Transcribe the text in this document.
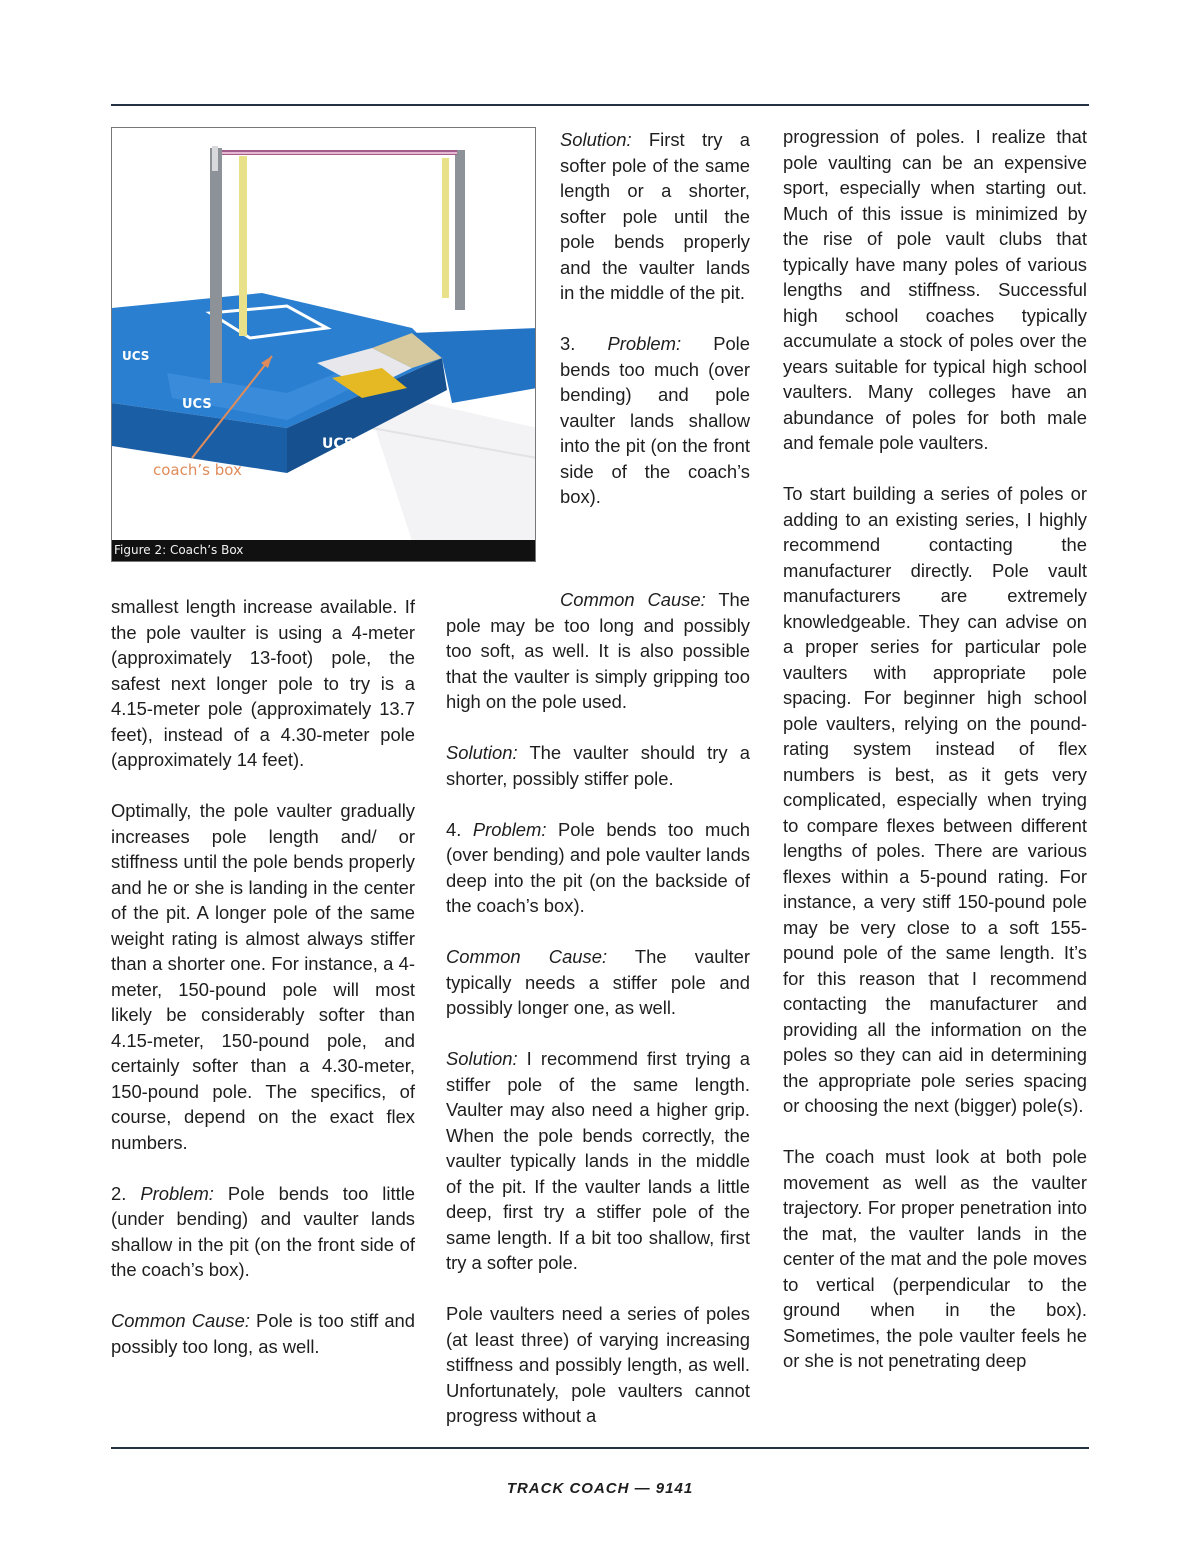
UCS
UCS
UCS ≡
coach’s box
Figure 2: Coach’s Box

smallest length increase available. If the pole vaulter is using a 4-meter (approximately 13-foot) pole, the safest next longer pole to try is a 4.15-meter pole (approximately 13.7 feet), instead of a 4.30-meter pole (approximately 14 feet).

Optimally, the pole vaulter gradually increases pole length and/ or stiffness until the pole bends properly and he or she is landing in the center of the pit. A longer pole of the same weight rating is almost always stiffer than a shorter one. For instance, a 4-meter, 150-pound pole will most likely be considerably softer than 4.15-meter, 150-pound pole, and certainly softer than a 4.30-meter, 150-pound pole. The specifics, of course, depend on the exact flex numbers.

2. Problem: Pole bends too little (under bending) and vaulter lands shallow in the pit (on the front side of the coach’s box).

Common Cause: Pole is too stiff and possibly too long, as well.

Solution: First try a softer pole of the same length or a shorter, softer pole until the pole bends properly and the vaulter lands in the middle of the pit.

3. Problem: Pole bends too much (over bending) and pole vaulter lands shallow into the pit (on the front side of the coach’s box).

Common Cause: The pole may be too long and possibly too soft, as well. It is also possible that the vaulter is simply gripping too high on the pole used.

Solution: The vaulter should try a shorter, possibly stiffer pole.

4. Problem: Pole bends too much (over bending) and pole vaulter lands deep into the pit (on the backside of the coach’s box).

Common Cause: The vaulter typically needs a stiffer pole and possibly longer one, as well.

Solution: I recommend first trying a stiffer pole of the same length. Vaulter may also need a higher grip. When the pole bends correctly, the vaulter typically lands in the middle of the pit. If the vaulter lands a little deep, first try a stiffer pole of the same length. If a bit too shallow, first try a softer pole.

Pole vaulters need a series of poles (at least three) of varying increasing stiffness and possibly length, as well. Unfortunately, pole vaulters cannot progress without a

progression of poles. I realize that pole vaulting can be an expensive sport, especially when starting out. Much of this issue is minimized by the rise of pole vault clubs that typically have many poles of various lengths and stiffness. Successful high school coaches typically accumulate a stock of poles over the years suitable for typical high school vaulters. Many colleges have an abundance of poles for both male and female pole vaulters.

To start building a series of poles or adding to an existing series, I highly recommend contacting the manufacturer directly. Pole vault manufacturers are extremely knowledgeable. They can advise on a proper series for particular pole vaulters with appropriate pole spacing. For beginner high school pole vaulters, relying on the pound-rating system instead of flex numbers is best, as it gets very complicated, especially when trying to compare flexes between different lengths of poles. There are various flexes within a 5-pound rating. For instance, a very stiff 150-pound pole may be very close to a soft 155-pound pole of the same length. It’s for this reason that I recommend contacting the manufacturer and providing all the information on the poles so they can aid in determining the appropriate pole series spacing or choosing the next (bigger) pole(s).

The coach must look at both pole movement as well as the vaulter trajectory. For proper penetration into the mat, the vaulter lands in the center of the mat and the pole moves to vertical (perpendicular to the ground when in the box). Sometimes, the pole vaulter feels he or she is not penetrating deep

TRACK COACH — 9141
